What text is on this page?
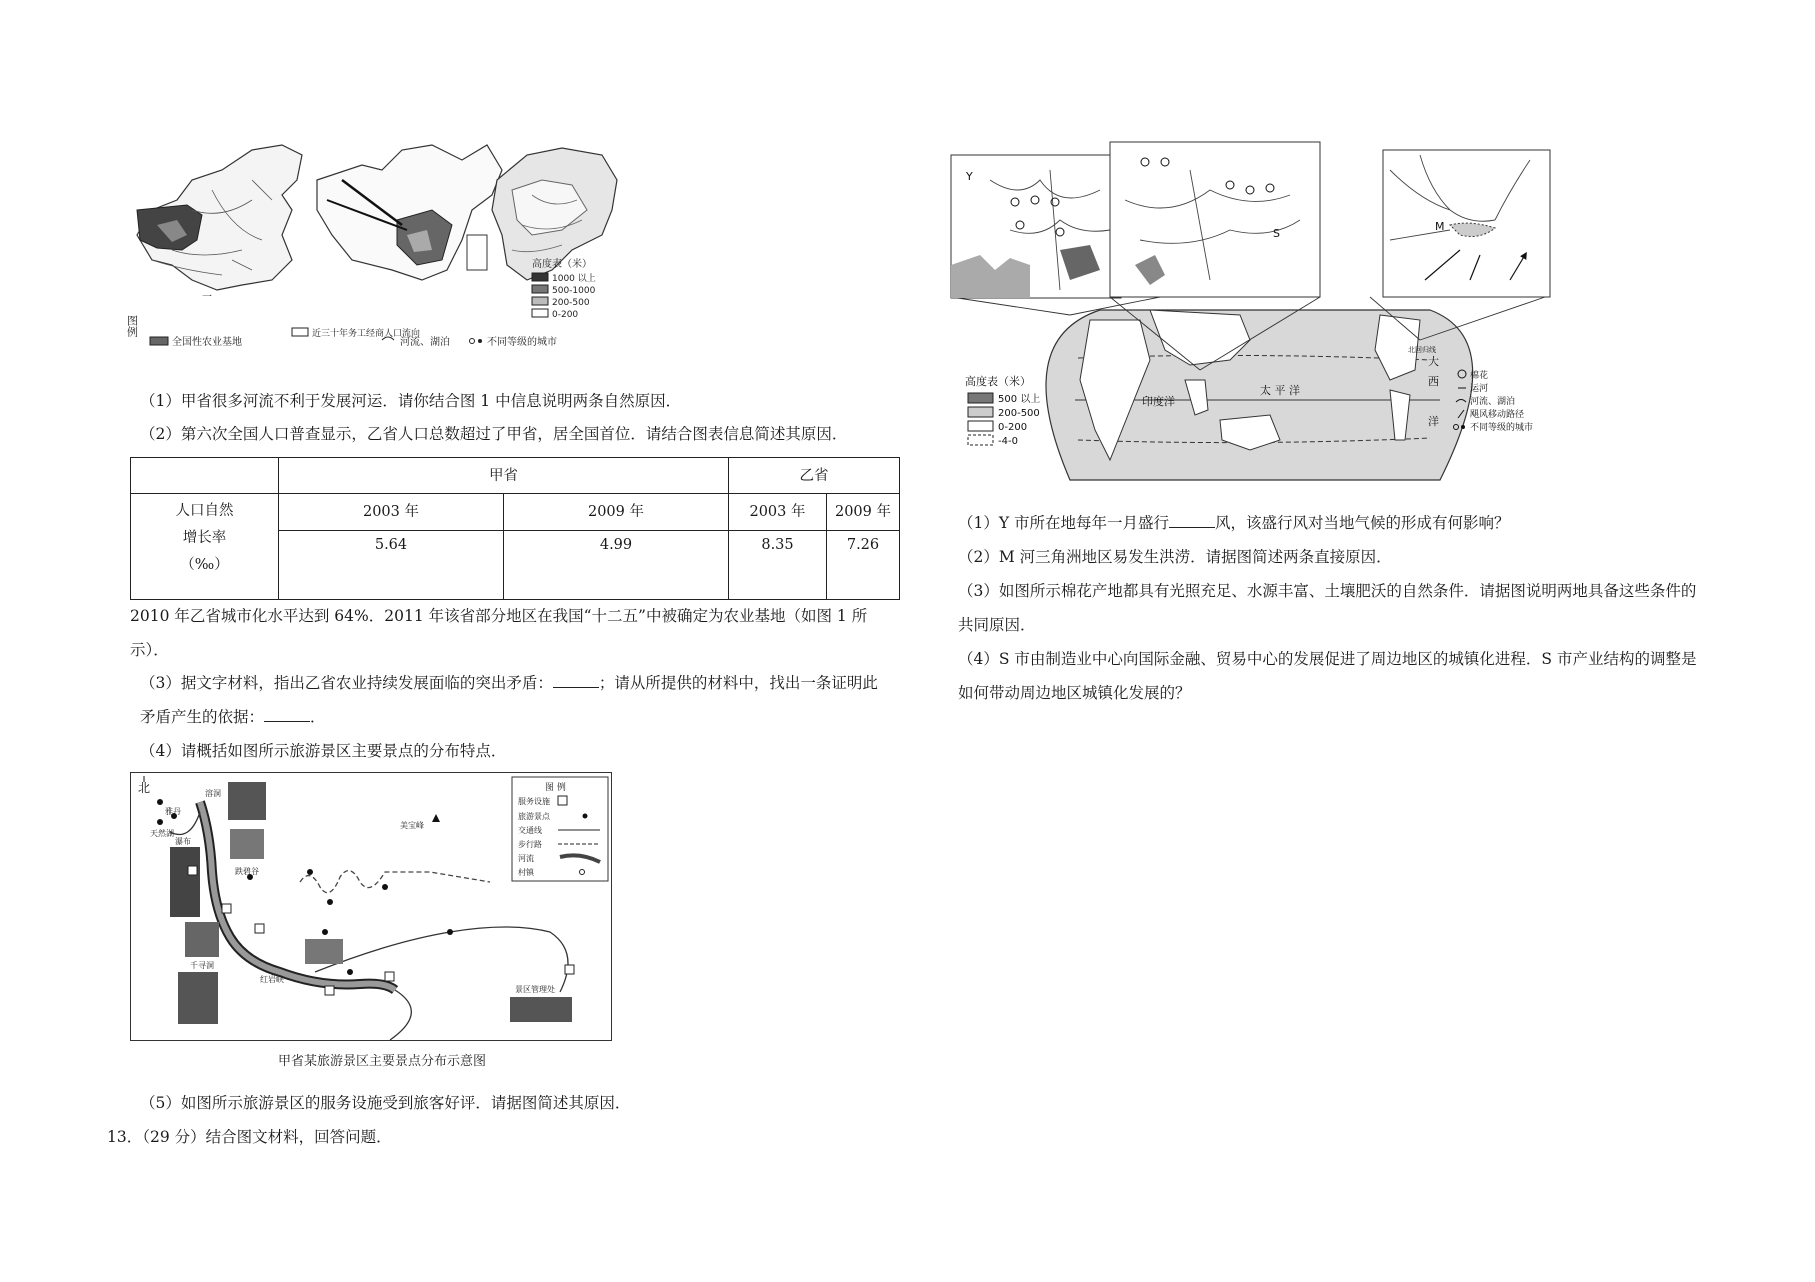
一
高度表（米）
1000 以上
500-1000
200-500
0-200
图例
全国性农业基地
近三十年务工经商人口流向
河流、湖泊	不同等级的城市
（1）甲省很多河流不利于发展河运．请你结合图 1 中信息说明两条自然原因．
（2）第六次全国人口普查显示，乙省人口总数超过了甲省，居全国首位．请结合图表信息简述其原因．
	甲省		乙省	

人口自然
增长率
（‰）	2003 年	2009 年	2003 年	2009 年
	5.64	4.99	8.35	7.26
2010 年乙省城市化水平达到 64%．2011 年该省部分地区在我国“十二五”中被确定为农业基地（如图 1 所
示）．
（3）据文字材料，指出乙省农业持续发展面临的突出矛盾：	；请从所提供的材料中，找出一条证明此
矛盾产生的依据：	．
（4）请概括如图所示旅游景区主要景点的分布特点．
北	溶洞
雅丹
天然湖
瀑布
跌碧谷
千寻洞
红岩峡
美宝峰
景区管理处
图 例
服务设施
旅游景点
交通线
步行路
河流
村镇
甲省某旅游景区主要景点分布示意图
（5）如图所示旅游景区的服务设施受到旅客好评．请据图简述其原因．
13．（29 分）结合图文材料，回答问题．
印度洋
太 平 洋
大
西
洋
北回归线
Y
S
M
高度表（米）
500 以上
200-500
0-200
-4-0
棉花
运河
河流、湖泊
飓风移动路径
不同等级的城市
（1）Y 市所在地每年一月盛行	风，该盛行风对当地气候的形成有何影响？
（2）M 河三角洲地区易发生洪涝．请据图简述两条直接原因．
（3）如图所示棉花产地都具有光照充足、水源丰富、土壤肥沃的自然条件．请据图说明两地具备这些条件的
共同原因．
（4）S 市由制造业中心向国际金融、贸易中心的发展促进了周边地区的城镇化进程．S 市产业结构的调整是
如何带动周边地区城镇化发展的？
